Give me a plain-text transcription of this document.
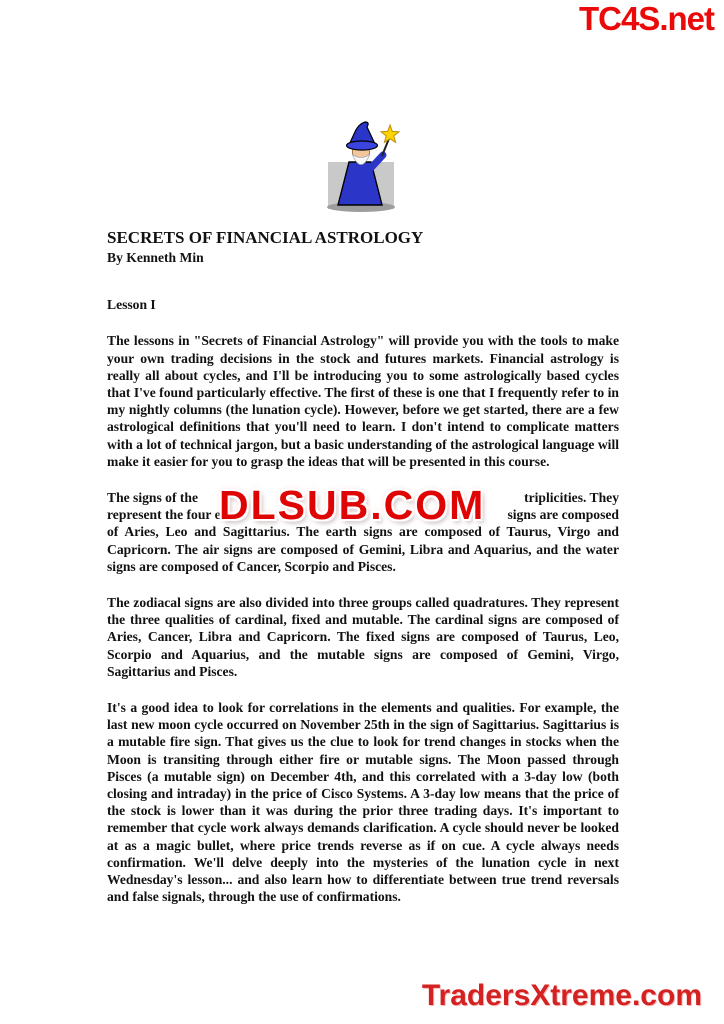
TC4S.net
SECRETS OF FINANCIAL ASTROLOGY
By Kenneth Min
Lesson I

The lessons in "Secrets of Financial Astrology" will provide you with the tools to make your own trading decisions in the stock and futures markets. Financial astrology is really all about cycles, and I'll be introducing you to some astrologically based cycles that I've found particularly effective. The first of these is one that I frequently refer to in my nightly columns (the lunation cycle). However, before we get started, there are a few astrological definitions that you'll need to learn. I don't intend to complicate matters with a lot of technical jargon, but a basic understanding of the astrological language will make it easier for you to grasp the ideas that will be presented in this course.

The signs of the	triplicities. They
represent the four e	signs are composed
of Aries, Leo and Sagittarius. The earth signs are composed of Taurus, Virgo and Capricorn. The air signs are composed of Gemini, Libra and Aquarius, and the water signs are composed of Cancer, Scorpio and Pisces.
DLSUB.COM

The zodiacal signs are also divided into three groups called quadratures. They represent the three qualities of cardinal, fixed and mutable. The cardinal signs are composed of Aries, Cancer, Libra and Capricorn. The fixed signs are composed of Taurus, Leo, Scorpio and Aquarius, and the mutable signs are composed of Gemini, Virgo, Sagittarius and Pisces.

It's a good idea to look for correlations in the elements and qualities. For example, the last new moon cycle occurred on November 25th in the sign of Sagittarius. Sagittarius is a mutable fire sign. That gives us the clue to look for trend changes in stocks when the Moon is transiting through either fire or mutable signs. The Moon passed through Pisces (a mutable sign) on December 4th, and this correlated with a 3-day low (both closing and intraday) in the price of Cisco Systems. A 3-day low means that the price of the stock is lower than it was during the prior three trading days. It's important to remember that cycle work always demands clarification. A cycle should never be looked at as a magic bullet, where price trends reverse as if on cue. A cycle always needs confirmation. We'll delve deeply into the mysteries of the lunation cycle in next Wednesday's lesson... and also learn how to differentiate between true trend reversals and false signals, through the use of confirmations.

TradersXtreme.com
